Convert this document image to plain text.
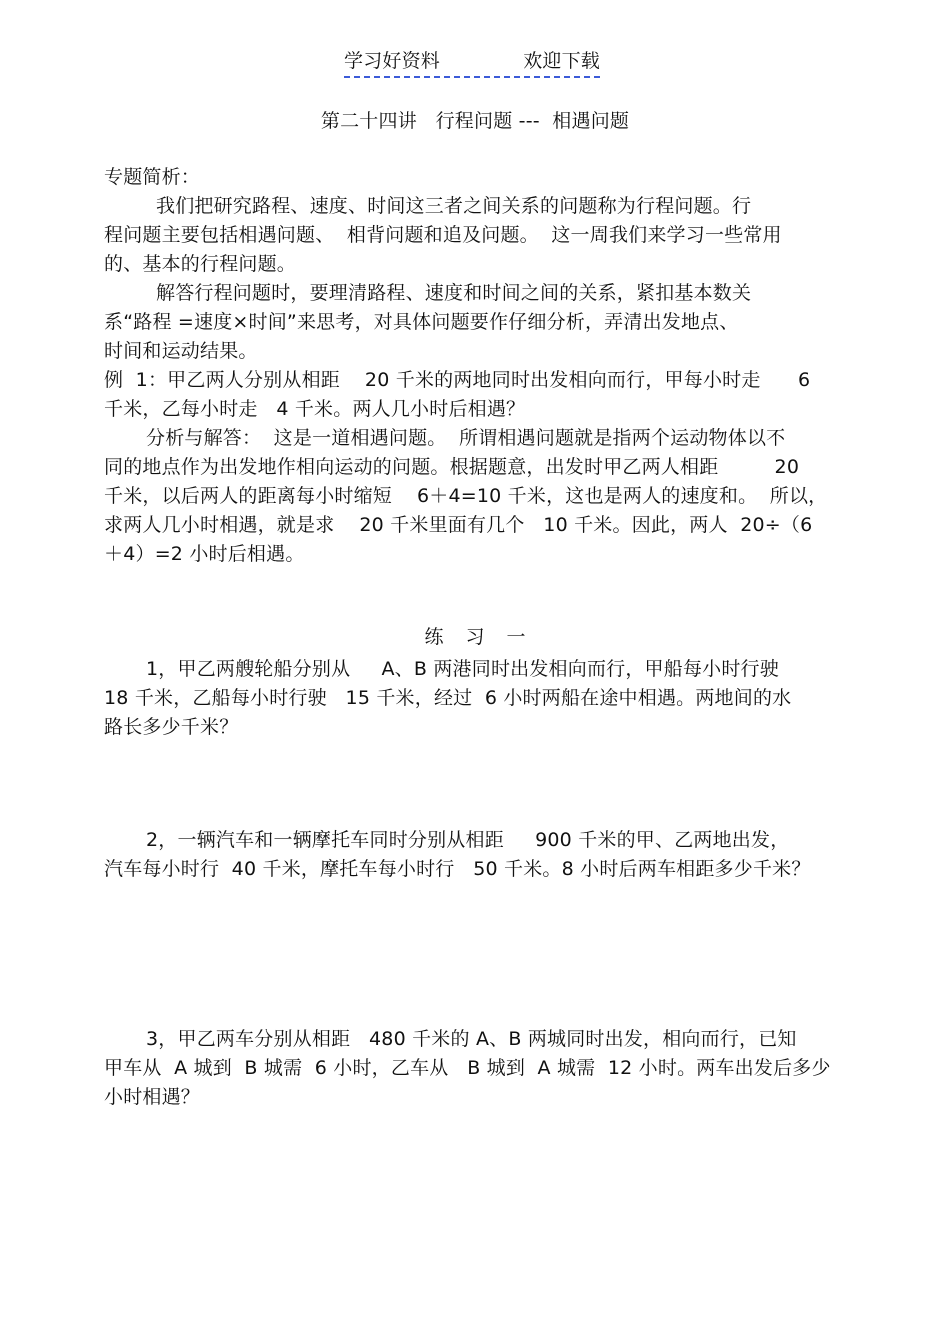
学习好资料

	欢迎下载

第二十四讲   行程问题 ---  相遇问题
专题简析：
我们把研究路程、速度、时间这三者之间关系的问题称为行程问题。行
程问题主要包括相遇问题、  相背问题和追及问题。  这一周我们来学习一些常用
的、基本的行程问题。
解答行程问题时，要理清路程、速度和时间之间的关系，紧扣基本数关
系“路程 =速度×时间”来思考，对具体问题要作仔细分析，弄清出发地点、
时间和运动结果。
例  1：甲乙两人分别从相距    20 千米的两地同时出发相向而行，甲每小时走      6
千米，乙每小时走   4 千米。两人几小时后相遇？
分析与解答：  这是一道相遇问题。  所谓相遇问题就是指两个运动物体以不
同的地点作为出发地作相向运动的问题。根据题意，出发时甲乙两人相距         20
千米，以后两人的距离每小时缩短    6＋4=10 千米，这也是两人的速度和。  所以，
求两人几小时相遇，就是求    20 千米里面有几个   10 千米。因此，两人  20÷（6
＋4）=2 小时后相遇。
练习一
1，甲乙两艘轮船分别从     A、B 两港同时出发相向而行，甲船每小时行驶
18 千米，乙船每小时行驶   15 千米，经过  6 小时两船在途中相遇。两地间的水
路长多少千米？
2，一辆汽车和一辆摩托车同时分别从相距     900 千米的甲、乙两地出发，
汽车每小时行  40 千米，摩托车每小时行   50 千米。8 小时后两车相距多少千米？
3，甲乙两车分别从相距   480 千米的 A、B 两城同时出发，相向而行，已知
甲车从  A 城到  B 城需  6 小时，乙车从   B 城到  A 城需  12 小时。两车出发后多少
小时相遇？
